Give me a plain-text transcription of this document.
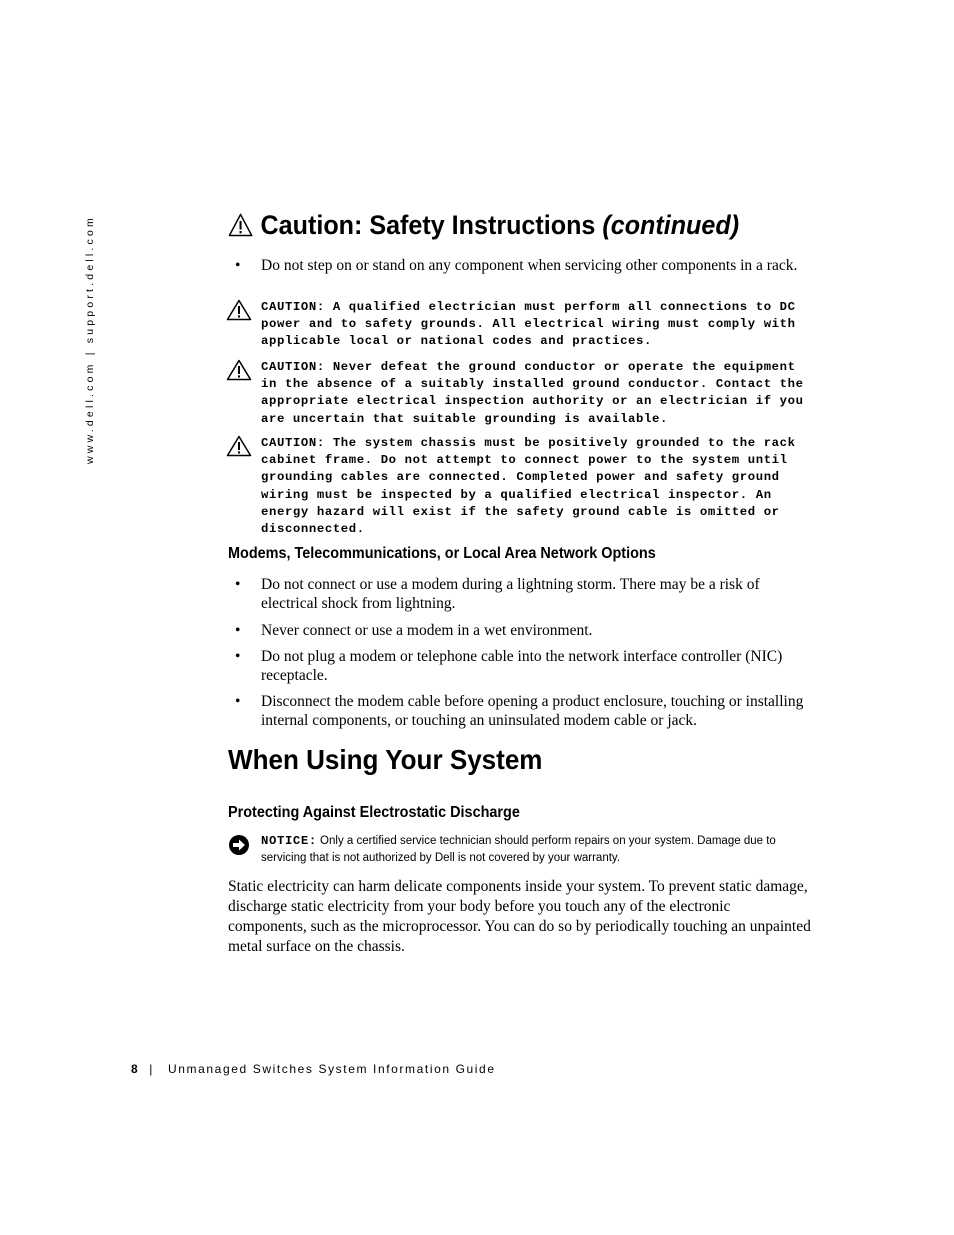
www.dell.com | support.dell.com	Caution: Safety Instructions (continued)
• Do not step on or stand on any component when servicing other components in a rack.
CAUTION: A qualified electrician must perform all connections to DC power and to safety grounds. All electrical wiring must comply with applicable local or national codes and practices.
CAUTION: Never defeat the ground conductor or operate the equipment in the absence of a suitably installed ground conductor. Contact the appropriate electrical inspection authority or an electrician if you are uncertain that suitable grounding is available.
CAUTION: The system chassis must be positively grounded to the rack cabinet frame. Do not attempt to connect power to the system until grounding cables are connected. Completed power and safety ground wiring must be inspected by a qualified electrical inspector. An energy hazard will exist if the safety ground cable is omitted or disconnected.
Modems, Telecommunications, or Local Area Network Options
• Do not connect or use a modem during a lightning storm. There may be a risk of electrical shock from lightning.
• Never connect or use a modem in a wet environment.
• Do not plug a modem or telephone cable into the network interface controller (NIC) receptacle.
• Disconnect the modem cable before opening a product enclosure, touching or installing internal components, or touching an uninsulated modem cable or jack.
When Using Your System
Protecting Against Electrostatic Discharge
NOTICE: Only a certified service technician should perform repairs on your system. Damage due to servicing that is not authorized by Dell is not covered by your warranty.
Static electricity can harm delicate components inside your system. To prevent static damage, discharge static electricity from your body before you touch any of the electronic components, such as the microprocessor. You can do so by periodically touching an unpainted metal surface on the chassis.
8 | Unmanaged Switches System Information Guide
